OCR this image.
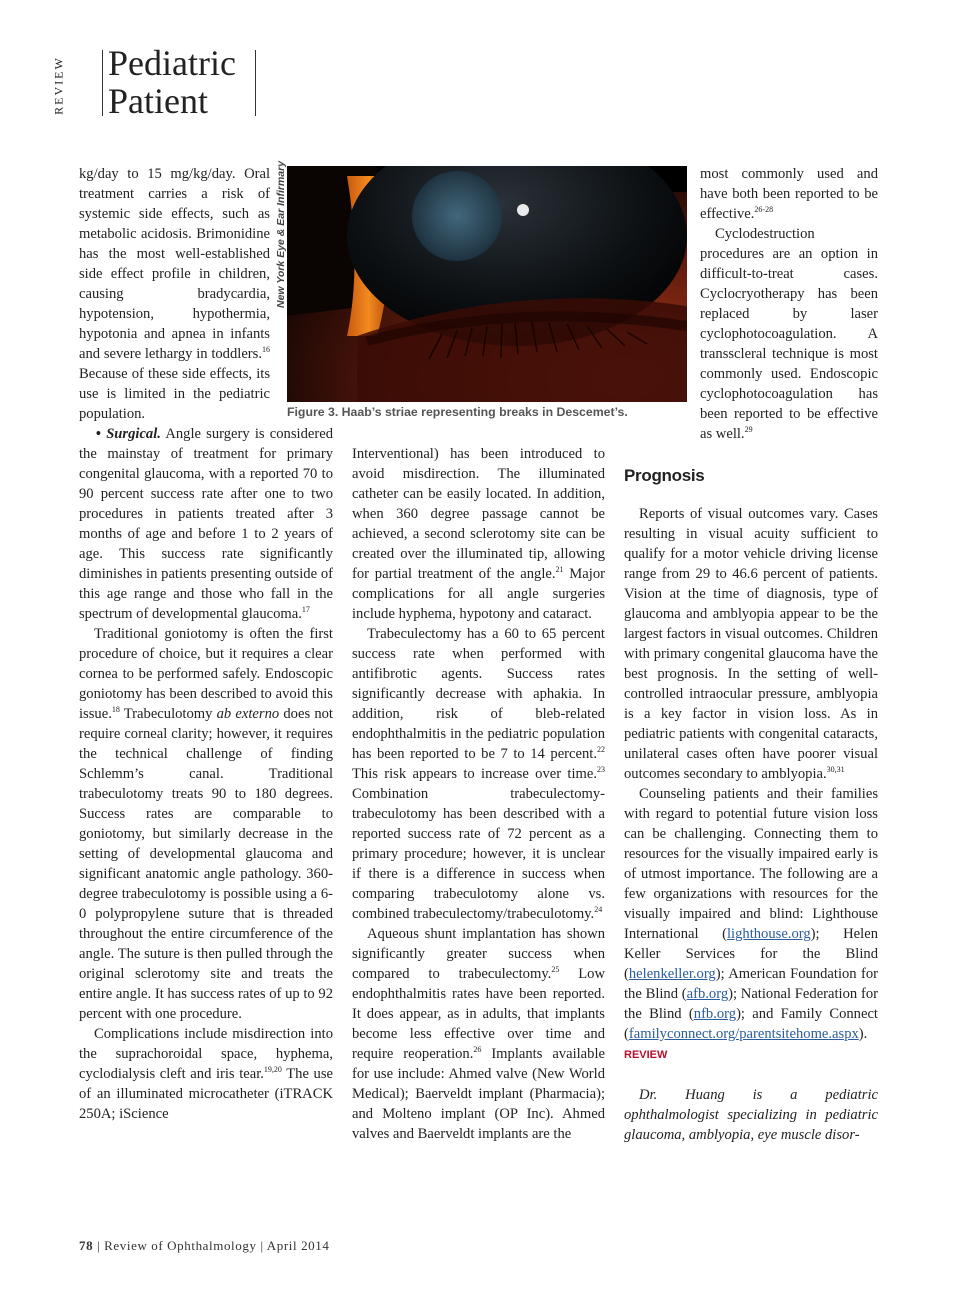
REVIEW Pediatric
Patient
New York Eye & Ear Infirmary
Figure 3. Haab’s striae representing breaks in Descemet’s.

kg/day to 15 mg/kg/day. Oral treatment carries a risk of systemic side effects, such as metabolic acidosis. Brimonidine has the most well-established side effect profile in children, causing bradycardia, hypotension, hypothermia, hypotonia and apnea in infants and severe lethargy in toddlers.$^{16}$ Because of these side effects, its use is limited in the pediatric population.

• Surgical. Angle surgery is considered the mainstay of treatment for primary congenital glaucoma, with a reported 70 to 90 percent success rate after one to two procedures in patients treated after 3 months of age and before 1 to 2 years of age. This success rate significantly diminishes in patients presenting outside of this age range and those who fall in the spectrum of developmental glaucoma.$^{17}$

Traditional goniotomy is often the first procedure of choice, but it requires a clear cornea to be performed safely. Endoscopic goniotomy has been described to avoid this issue.$^{18}$ Trabeculotomy ab externo does not require corneal clarity; however, it requires the technical challenge of finding Schlemm’s canal. Traditional trabeculotomy treats 90 to 180 degrees. Success rates are comparable to goniotomy, but similarly decrease in the setting of developmental glaucoma and significant anatomic angle pathology. 360-degree trabeculotomy is possible using a 6-0 polypropylene suture that is threaded throughout the entire circumference of the angle. The suture is then pulled through the original sclerotomy site and treats the entire angle. It has success rates of up to 92 percent with one procedure.

Complications include misdirection into the suprachoroidal space, hyphema, cyclodialysis cleft and iris tear.$^{19,20}$ The use of an illuminated microcatheter (iTRACK 250A; iScience

Interventional) has been introduced to avoid misdirection. The illuminated catheter can be easily located. In addition, when 360 degree passage cannot be achieved, a second sclerotomy site can be created over the illuminated tip, allowing for partial treatment of the angle.$^{21}$ Major complications for all angle surgeries include hyphema, hypotony and cataract.

Trabeculectomy has a 60 to 65 percent success rate when performed with antifibrotic agents. Success rates significantly decrease with aphakia. In addition, risk of bleb-related endophthalmitis in the pediatric population has been reported to be 7 to 14 percent.$^{22}$ This risk appears to increase over time.$^{23}$ Combination trabeculectomy-trabeculotomy has been described with a reported success rate of 72 percent as a primary procedure; however, it is unclear if there is a difference in success when comparing trabeculotomy alone vs. combined trabeculectomy/trabeculotomy.$^{24}$

Aqueous shunt implantation has shown significantly greater success when compared to trabeculectomy.$^{25}$ Low endophthalmitis rates have been reported. It does appear, as in adults, that implants become less effective over time and require reoperation.$^{26}$ Implants available for use include: Ahmed valve (New World Medical); Baerveldt implant (Pharmacia); and Molteno implant (OP Inc). Ahmed valves and Baerveldt implants are the

most commonly used and have both been reported to be effective.$^{26-28}$

Cyclodestruction procedures are an option in difficult-to-treat cases. Cyclocryotherapy has been replaced by laser cyclophotocoagulation. A transscleral technique is most commonly used. Endoscopic cyclophotocoagulation has been reported to be effective as well.$^{29}$

Prognosis

Reports of visual outcomes vary. Cases resulting in visual acuity sufficient to qualify for a motor vehicle driving license range from 29 to 46.6 percent of patients. Vision at the time of diagnosis, type of glaucoma and amblyopia appear to be the largest factors in visual outcomes. Children with primary congenital glaucoma have the best prognosis. In the setting of well-controlled intraocular pressure, amblyopia is a key factor in vision loss. As in pediatric patients with congenital cataracts, unilateral cases often have poorer visual outcomes secondary to amblyopia.$^{30,31}$

Counseling patients and their families with regard to potential future vision loss can be challenging. Connecting them to resources for the visually impaired early is of utmost importance. The following are a few organizations with resources for the visually impaired and blind: Lighthouse International (lighthouse.org); Helen Keller Services for the Blind (helenkeller.org); American Foundation for the Blind (afb.org); National Federation for the Blind (nfb.org); and Family Connect (familyconnect.org/parentsitehome.aspx). REVIEW

Dr. Huang is a pediatric ophthalmologist specializing in pediatric glaucoma, amblyopia, eye muscle disor-

78 | Review of Ophthalmology | April 2014
